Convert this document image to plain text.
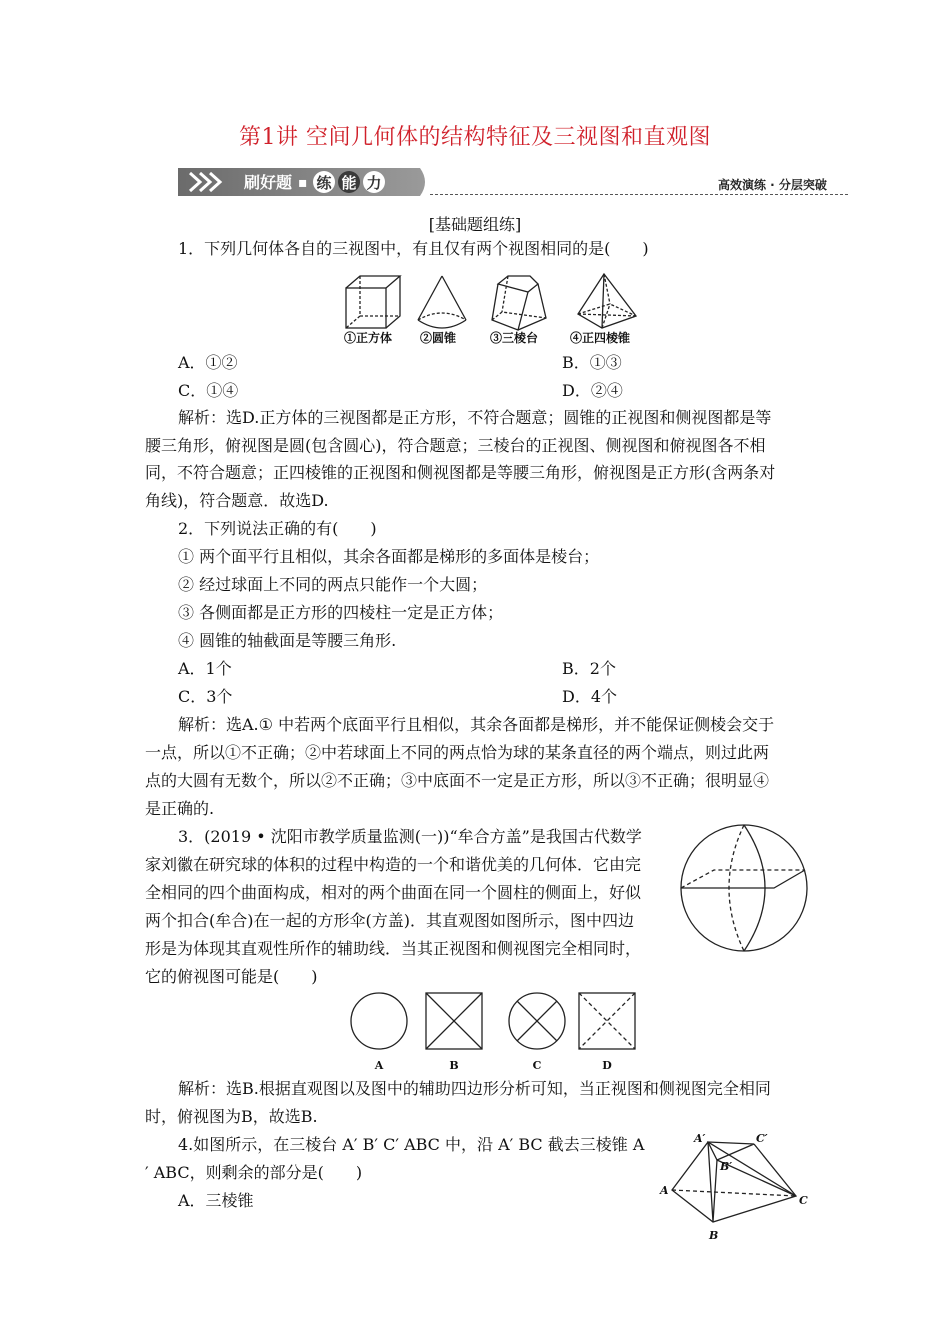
第1讲 空间几何体的结构特征及三视图和直观图
刷好题 ▪ 练 能 力	高效演练 · 分层突破
[基础题组练]
1．下列几何体各自的三视图中，有且仅有两个视图相同的是(　　)
①正方体 ②圆锥	③三棱台	④正四棱锥
A．①②	B．①③
C．①④	D．②④
解析：选D.正方体的三视图都是正方形，不符合题意；圆锥的正视图和侧视图都是等
腰三角形，俯视图是圆(包含圆心)，符合题意；三棱台的正视图、侧视图和俯视图各不相
同，不符合题意；正四棱锥的正视图和侧视图都是等腰三角形，俯视图是正方形(含两条对
角线)，符合题意．故选D.
2．下列说法正确的有(　　)
① 两个面平行且相似，其余各面都是梯形的多面体是棱台；
② 经过球面上不同的两点只能作一个大圆；
③ 各侧面都是正方形的四棱柱一定是正方体；
④ 圆锥的轴截面是等腰三角形.
A．1个	B．2个
C．3个	D．4个
解析：选A.① 中若两个底面平行且相似，其余各面都是梯形，并不能保证侧棱会交于
一点，所以①不正确；②中若球面上不同的两点恰为球的某条直径的两个端点，则过此两
点的大圆有无数个，所以②不正确；③中底面不一定是正方形，所以③不正确；很明显④
是正确的.
3．(2019 • 沈阳市教学质量监测(一))“牟合方盖”是我国古代数学
家刘徽在研究球的体积的过程中构造的一个和谐优美的几何体．它由完
全相同的四个曲面构成，相对的两个曲面在同一个圆柱的侧面上，好似
两个扣合(牟合)在一起的方形伞(方盖)．其直观图如图所示，图中四边
形是为体现其直观性所作的辅助线．当其正视图和侧视图完全相同时，
它的俯视图可能是(　　)
A	B	C	D
解析：选B.根据直观图以及图中的辅助四边形分析可知，当正视图和侧视图完全相同
时，俯视图为B，故选B.
4.如图所示，在三棱台 A′ B′ C′ ABC 中，沿 A′ BC 截去三棱锥 A
′ ABC，则剩余的部分是(　　)
A．三棱锥
A′	C′
B′
A
C
B
